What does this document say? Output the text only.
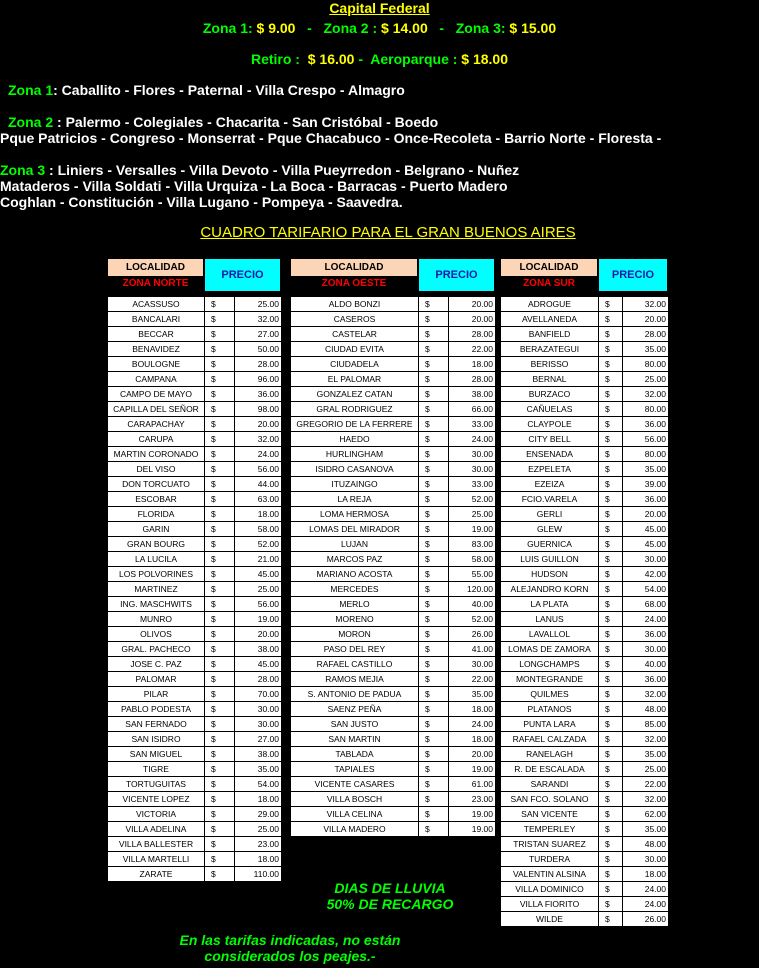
Capital Federal
Zona 1: $ 9.00   -   Zona 2 : $ 14.00   -   Zona 3: $ 15.00
Retiro :  $ 16.00 -  Aeroparque : $ 18.00
Zona 1: Caballito - Flores - Paternal - Villa Crespo - Almagro
Zona 2 : Palermo - Colegiales - Chacarita - San Cristóbal - Boedo
Pque Patricios - Congreso - Monserrat - Pque Chacabuco - Once-Recoleta - Barrio Norte - Floresta -
Zona 3 : Liniers - Versalles - Villa Devoto - Villa Pueyrredon - Belgrano - Nuñez
Mataderos - Villa Soldati - Villa Urquiza - La Boca - Barracas - Puerto Madero
Coghlan - Constitución - Villa Lugano - Pompeya - Saavedra.
CUADRO TARIFARIO PARA EL GRAN BUENOS AIRES
LOCALIDAD
ZONA NORTE
PRECIO
LOCALIDAD
ZONA OESTE
PRECIO
LOCALIDAD
ZONA SUR
PRECIO
ACASSUSO	$	25.00
BANCALARI	$	32.00
BECCAR	$	27.00
BENAVIDEZ	$	50.00
BOULOGNE	$	28.00
CAMPANA	$	96.00
CAMPO DE MAYO	$	36.00
CAPILLA DEL SEÑOR	$	98.00
CARAPACHAY	$	20.00
CARUPA	$	32.00
MARTIN CORONADO	$	24.00
DEL VISO	$	56.00
DON TORCUATO	$	44.00
ESCOBAR	$	63.00
FLORIDA	$	18.00
GARIN	$	58.00
GRAN BOURG	$	52.00
LA LUCILA	$	21.00
LOS POLVORINES	$	45.00
MARTINEZ	$	25.00
ING. MASCHWITS	$	56.00
MUNRO	$	19.00
OLIVOS	$	20.00
GRAL. PACHECO	$	38.00
JOSE C. PAZ	$	45.00
PALOMAR	$	28.00
PILAR	$	70.00
PABLO PODESTA	$	30.00
SAN FERNADO	$	30.00
SAN ISIDRO	$	27.00
SAN MIGUEL	$	38.00
TIGRE	$	35.00
TORTUGUITAS	$	54.00
VICENTE LOPEZ	$	18.00
VICTORIA	$	29.00
VILLA ADELINA	$	25.00
VILLA BALLESTER	$	23.00
VILLA MARTELLI	$	18.00
ZARATE	$	110.00
ALDO BONZI	$	20.00
CASEROS	$	20.00
CASTELAR	$	28.00
CIUDAD EVITA	$	22.00
CIUDADELA	$	18.00
EL PALOMAR	$	28.00
GONZALEZ CATAN	$	38.00
GRAL RODRIGUEZ	$	66.00
GREGORIO DE LA FERRERE	$	33.00
HAEDO	$	24.00
HURLINGHAM	$	30.00
ISIDRO CASANOVA	$	30.00
ITUZAINGO	$	33.00
LA REJA	$	52.00
LOMA HERMOSA	$	25.00
LOMAS DEL MIRADOR	$	19.00
LUJAN	$	83.00
MARCOS PAZ	$	58.00
MARIANO ACOSTA	$	55.00
MERCEDES	$	120.00
MERLO	$	40.00
MORENO	$	52.00
MORON	$	26.00
PASO DEL REY	$	41.00
RAFAEL CASTILLO	$	30.00
RAMOS MEJIA	$	22.00
S. ANTONIO DE PADUA	$	35.00
SAENZ PEÑA	$	18.00
SAN JUSTO	$	24.00
SAN MARTIN	$	18.00
TABLADA	$	20.00
TAPIALES	$	19.00
VICENTE CASARES	$	61.00
VILLA BOSCH	$	23.00
VILLA CELINA	$	19.00
VILLA MADERO	$	19.00
ADROGUE	$	32.00
AVELLANEDA	$	20.00
BANFIELD	$	28.00
BERAZATEGUI	$	35.00
BERISSO	$	80.00
BERNAL	$	25.00
BURZACO	$	32.00
CAÑUELAS	$	80.00
CLAYPOLE	$	36.00
CITY BELL	$	56.00
ENSENADA	$	80.00
EZPELETA	$	35.00
EZEIZA	$	39.00
FCIO.VARELA	$	36.00
GERLI	$	20.00
GLEW	$	45.00
GUERNICA	$	45.00
LUIS GUILLON	$	30.00
HUDSON	$	42.00
ALEJANDRO KORN	$	54.00
LA PLATA	$	68.00
LANUS	$	24.00
LAVALLOL	$	36.00
LOMAS DE ZAMORA	$	30.00
LONGCHAMPS	$	40.00
MONTEGRANDE	$	36.00
QUILMES	$	32.00
PLATANOS	$	48.00
PUNTA LARA	$	85.00
RAFAEL CALZADA	$	32.00
RANELAGH	$	35.00
R. DE ESCALADA	$	25.00
SARANDI	$	22.00
SAN FCO. SOLANO	$	32.00
SAN VICENTE	$	62.00
TEMPERLEY	$	35.00
TRISTAN SUAREZ	$	48.00
TURDERA	$	30.00
VALENTIN ALSINA	$	18.00
VILLA DOMINICO	$	24.00
VILLA FIORITO	$	24.00
WILDE	$	26.00
DIAS DE LLUVIA
50% DE RECARGO
En las tarifas indicadas, no están
considerados los peajes.-
